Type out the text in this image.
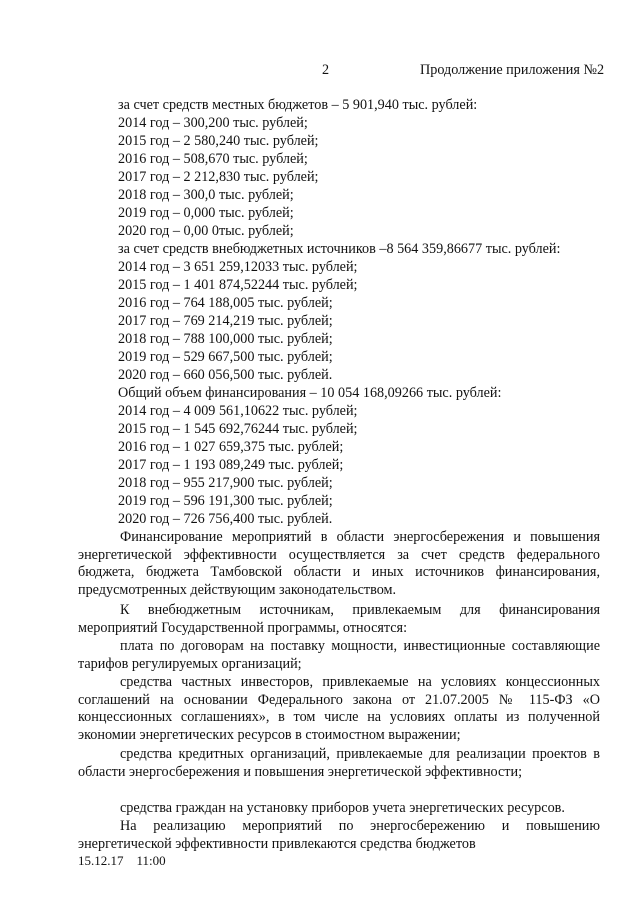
2	Продолжение приложения №2
за счет средств местных бюджетов – 5 901,940 тыс. рублей:
2014 год – 300,200 тыс. рублей;
2015 год – 2 580,240 тыс. рублей;
2016 год – 508,670 тыс. рублей;
2017 год – 2 212,830 тыс. рублей;
2018 год – 300,0 тыс. рублей;
2019 год – 0,000 тыс. рублей;
2020 год – 0,00 0тыс. рублей;
за счет средств внебюджетных источников –8 564 359,86677 тыс. рублей:
2014 год – 3 651 259,12033 тыс. рублей;
2015 год – 1 401 874,52244 тыс. рублей;
2016 год – 764 188,005 тыс. рублей;
2017 год – 769 214,219 тыс. рублей;
2018 год – 788 100,000 тыс. рублей;
2019 год – 529 667,500 тыс. рублей;
2020 год – 660 056,500 тыс. рублей.
Общий объем финансирования – 10 054 168,09266 тыс. рублей:
2014 год – 4 009 561,10622 тыс. рублей;
2015 год – 1 545 692,76244 тыс. рублей;
2016 год – 1 027 659,375 тыс. рублей;
2017 год – 1 193 089,249 тыс. рублей;
2018 год – 955 217,900 тыс. рублей;
2019 год – 596 191,300 тыс. рублей;
2020 год – 726 756,400 тыс. рублей.
Финансирование мероприятий в области энергосбережения и повышения энергетической эффективности осуществляется за счет средств федерального бюджета, бюджета Тамбовской области и иных источников финансирования, предусмотренных действующим законодательством.
К внебюджетным источникам, привлекаемым для финансирования мероприятий Государственной программы, относятся:
плата по договорам на поставку мощности, инвестиционные составляющие тарифов регулируемых организаций;
средства частных инвесторов, привлекаемые на условиях концессионных соглашений на основании Федерального закона от 21.07.2005 № 115-ФЗ «О концессионных соглашениях», в том числе на условиях оплаты из полученной экономии энергетических ресурсов в стоимостном выражении;
средства кредитных организаций, привлекаемые для реализации проектов в области энергосбережения и повышения энергетической эффективности;
средства граждан на установку приборов учета энергетических ресурсов.
На реализацию мероприятий по энергосбережению и повышению энергетической эффективности привлекаются средства бюджетов
15.12.17    11:00
